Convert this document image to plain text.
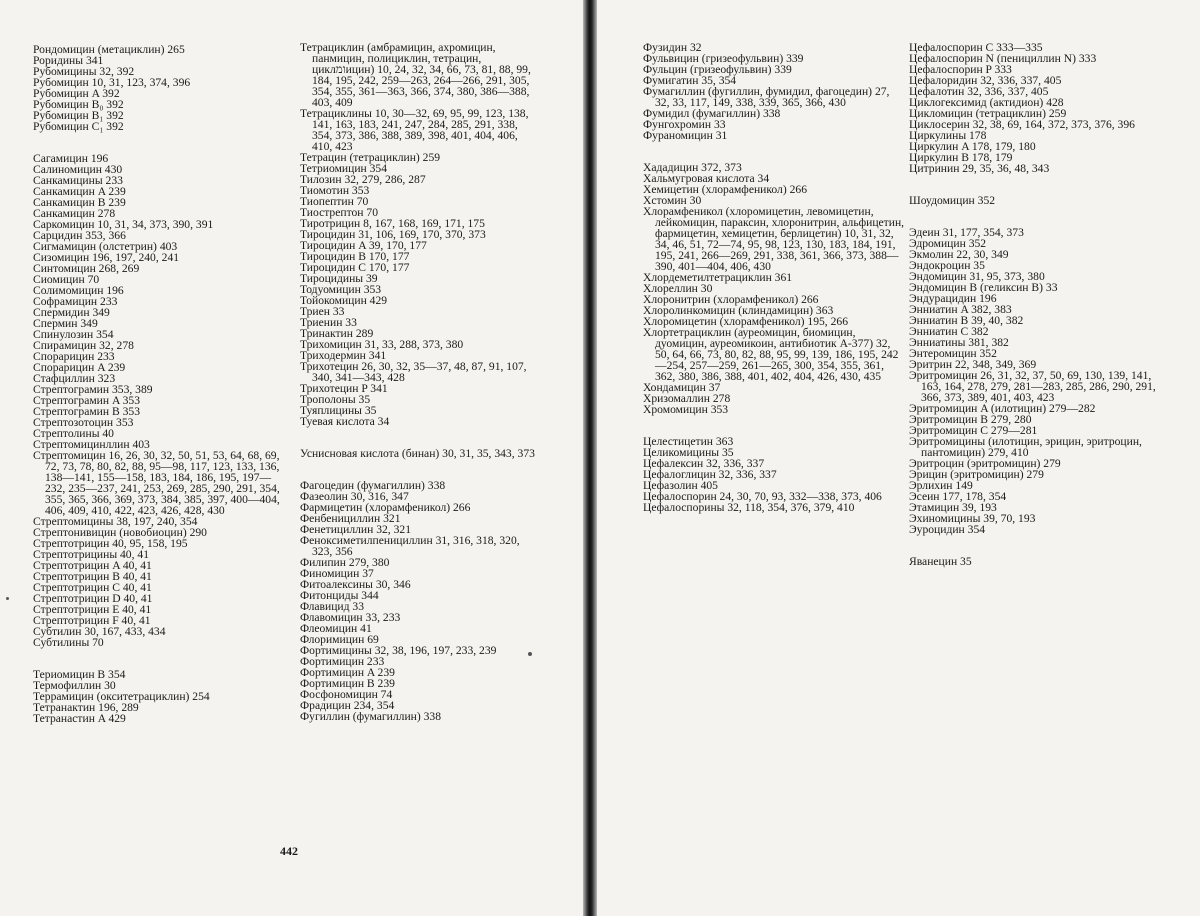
Рондомицин (метациклин) 265

Роридины 341

Рубомицины 32, 392

Рубомицин 10, 31, 123, 374, 396

Рубомицин A 392

Рубомицин B₀ 392

Рубомицин B₁ 392

Рубомицин C₁ 392

Сагамицин 196

Салиномицин 430

Санкамицины 233

Санкамицин A 239

Санкамицин B 239

Санкамицин 278

Саркомицин 10, 31, 34, 373, 390, 391

Сарцидин 353, 366

Сигмамицин (олстетрин) 403

Сизомицин 196, 197, 240, 241

Синтомицин 268, 269

Сиомицин 70

Солимомицин 196

Софрамицин 233

Спермидин 349

Спермин 349

Спинулозин 354

Спирамицин 32, 278

Спорарицин 233

Спорарицин A 239

Стафциллин 323

Стрептограмин 353, 389

Стрептограмин A 353

Стрептограмин B 353

Стрептозотоцин 353

Стрептолины 40

Стрептомицинллин 403

Стрептомицин 16, 26, 30, 32, 50, 51, 53, 64, 68, 69, 72, 73, 78, 80, 82, 88, 95—98, 117, 123, 133, 136, 138—141, 155—158, 183, 184, 186, 195, 197—232, 235—237, 241, 253, 269, 285, 290, 291, 354, 355, 365, 366, 369, 373, 384, 385, 397, 400—404, 406, 409, 410, 422, 423, 426, 428, 430

Стрептомицины 38, 197, 240, 354

Стрептонивицин (новобиоцин) 290

Стрептотрицин 40, 95, 158, 195

Стрептотрицины 40, 41

Стрептотрицин A 40, 41

Стрептотрицин B 40, 41

Стрептотрицин C 40, 41

Стрептотрицин D 40, 41

Стрептотрицин E 40, 41

Стрептотрицин F 40, 41

Субтилин 30, 167, 433, 434

Субтилины 70

Териомицин B 354

Термофиллин 30

Террамицин (окситетрациклин) 254

Тетранактин 196, 289

Тетранастин A 429

Тетрациклин (амбрамицин, ахромицин, панмицин, полициклин, тетрацин, циклומицин) 10, 24, 32, 34, 66, 73, 81, 88, 99, 184, 195, 242, 259—263, 264—266, 291, 305, 354, 355, 361—363, 366, 374, 380, 386—388, 403, 409

Тетрациклины 10, 30—32, 69, 95, 99, 123, 138, 141, 163, 183, 241, 247, 284, 285, 291, 338, 354, 373, 386, 388, 389, 398, 401, 404, 406, 410, 423

Тетрацин (тетрациклин) 259

Тетриомицин 354

Тилозин 32, 279, 286, 287

Тиомотин 353

Тиопептин 70

Тиострептон 70

Тиротрицин 8, 167, 168, 169, 171, 175

Тироцидин 31, 106, 169, 170, 370, 373

Тироцидин A 39, 170, 177

Тироцидин B 170, 177

Тироцидин C 170, 177

Тироцидины 39

Тодуомицин 353

Тойокомицин 429

Триен 33

Триенин 33

Тринактин 289

Трихомицин 31, 33, 288, 373, 380

Триходермин 341

Трихотецин 26, 30, 32, 35—37, 48, 87, 91, 107, 340, 341—343, 428

Трихотецин P 341

Трополоны 35

Туяплицины 35

Туевая кислота 34

Уснисновая кислота (бинан) 30, 31, 35, 343, 373

Фагоцедин (фумагиллин) 338

Фазеолин 30, 316, 347

Фармицетин (хлорамфеникол) 266

Фенбенициллин 321

Фенетициллин 32, 321

Феноксиметилпенициллин 31, 316, 318, 320, 323, 356

Филипин 279, 380

Финомицин 37

Фитоалексины 30, 346

Фитонциды 344

Флавицид 33

Флавомицин 33, 233

Флеомицин 41

Флоримицин 69

Фортимицины 32, 38, 196, 197, 233, 239

Фортимицин 233

Фортимицин A 239

Фортимицин B 239

Фосфономицин 74

Фрадицин 234, 354

Фугиллин (фумагиллин) 338

442

Фузидин 32

Фульвицин (гризеофульвин) 339

Фульцин (гризеофульвин) 339

Фумигатин 35, 354

Фумагиллин (фугиллин, фумидил, фагоцедин) 27, 32, 33, 117, 149, 338, 339, 365, 366, 430

Фумидил (фумагиллин) 338

Фунгохромин 33

Фураномицин 31

Хададицин 372, 373

Хальмугровая кислота 34

Хемицетин (хлорамфеникол) 266

Хстомин 30

Хлорамфеникол (хлоромицетин, левомицетин, лейкомицин, параксин, хлоронитрин, альфицетин, фармицетин, хемицетин, берлицетин) 10, 31, 32, 34, 46, 51, 72—74, 95, 98, 123, 130, 183, 184, 191, 195, 241, 266—269, 291, 338, 361, 366, 373, 388—390, 401—404, 406, 430

Хлордеметилтетрациклин 361

Хлореллин 30

Хлоронитрин (хлорамфеникол) 266

Хлоролинкомицин (клиндамицин) 363

Хлоромицетин (хлорамфеникол) 195, 266

Хлортетрациклин (ауреомицин, биомицин, дуомицин, ауреомикоин, антибиотик A-377) 32, 50, 64, 66, 73, 80, 82, 88, 95, 99, 139, 186, 195, 242—254, 257—259, 261—265, 300, 354, 355, 361, 362, 380, 386, 388, 401, 402, 404, 426, 430, 435

Хондамицин 37

Хризомаллин 278

Хромомицин 353

Целестицетин 363

Целикомицины 35

Цефалексин 32, 336, 337

Цефалоглицин 32, 336, 337

Цефазолин 405

Цефалоспорин 24, 30, 70, 93, 332—338, 373, 406

Цефалоспорины 32, 118, 354, 376, 379, 410

Цефалоспорин C 333—335

Цефалоспорин N (пенициллин N) 333

Цефалоспорин P 333

Цефалоридин 32, 336, 337, 405

Цефалотин 32, 336, 337, 405

Циклогексимид (актидион) 428

Цикломицин (тетрациклин) 259

Циклосерин 32, 38, 69, 164, 372, 373, 376, 396

Циркулины 178

Циркулин A 178, 179, 180

Циркулин B 178, 179

Цитринин 29, 35, 36, 48, 343

Шоудомицин 352

Эдеин 31, 177, 354, 373

Эдромицин 352

Экмолин 22, 30, 349

Эндокроцин 35

Эндомицин 31, 95, 373, 380

Эндомицин B (геликсин B) 33

Эндурацидин 196

Энниатин A 382, 383

Энниатин B 39, 40, 382

Энниатин C 382

Энниатины 381, 382

Энтеромицин 352

Эритрин 22, 348, 349, 369

Эритромицин 26, 31, 32, 37, 50, 69, 130, 139, 141, 163, 164, 278, 279, 281—283, 285, 286, 290, 291, 366, 373, 389, 401, 403, 423

Эритромицин A (илотицин) 279—282

Эритромицин B 279, 280

Эритромицин C 279—281

Эритромицины (илотицин, эрицин, эритроцин, пантомицин) 279, 410

Эритроцин (эритромицин) 279

Эрицин (эритромицин) 279

Эрлихин 149

Эсеин 177, 178, 354

Этамицин 39, 193

Эхиномицины 39, 70, 193

Эуроцидин 354

Яванецин 35
